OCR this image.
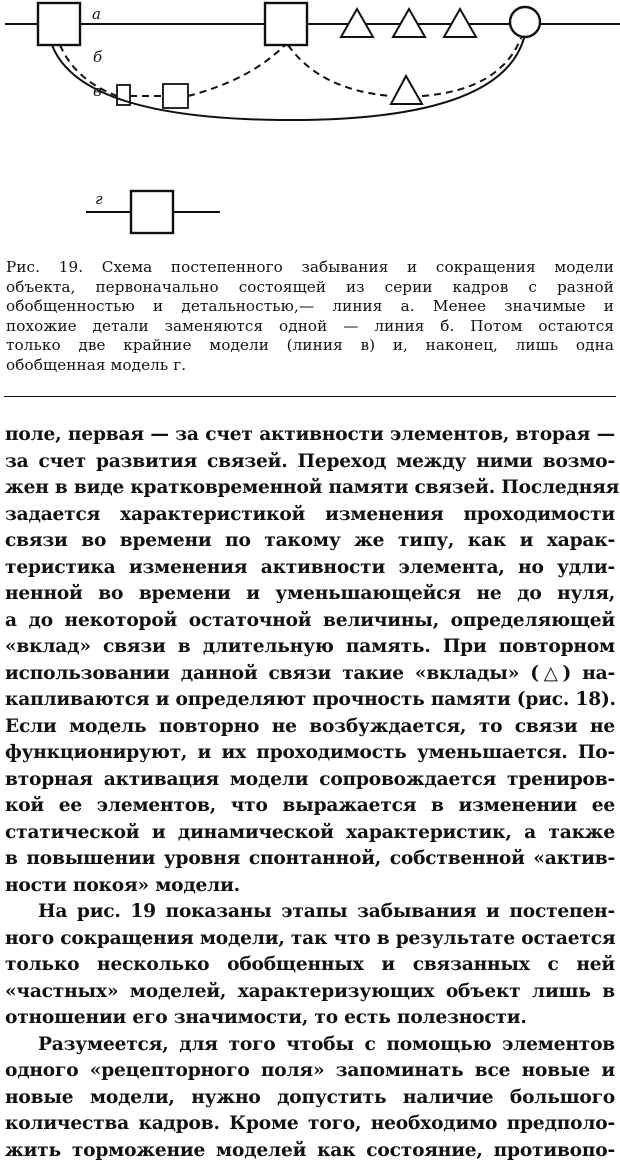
а
б
в
г
Рис. 19. Схема постепенного забывания и сокращения модели
объекта, первоначально состоящей из серии кадров с разной
обобщенностью и детальностью,— линия а. Менее значимые и
похожие детали заменяются одной — линия б. Потом остаются
только две крайние модели (линия в) и, наконец, лишь одна
обобщенная модель г.
поле, первая — за счет активности элементов, вторая —
за счет развития связей. Переход между ними возмо-
жен в виде кратковременной памяти связей. Последняя
задается характеристикой изменения проходимости
связи во времени по такому же типу, как и харак-
теристика изменения активности элемента, но удли-
ненной во времени и уменьшающейся не до нуля,
а до некоторой остаточной величины, определяющей
«вклад» связи в длительную память. При повторном
использовании данной связи такие «вклады» (△) на-
капливаются и определяют прочность памяти (рис. 18).
Если модель повторно не возбуждается, то связи не
функционируют, и их проходимость уменьшается. По-
вторная активация модели сопровождается трениров-
кой ее элементов, что выражается в изменении ее
статической и динамической характеристик, а также
в повышении уровня спонтанной, собственной «актив-
ности покоя» модели.
На рис. 19 показаны этапы забывания и постепен-
ного сокращения модели, так что в результате остается
только несколько обобщенных и связанных с ней
«частных» моделей, характеризующих объект лишь в
отношении его значимости, то есть полезности.
Разумеется, для того чтобы с помощью элементов
одного «рецепторного поля» запоминать все новые и
новые модели, нужно допустить наличие большого
количества кадров. Кроме того, необходимо предполо-
жить торможение моделей как состояние, противопо-
